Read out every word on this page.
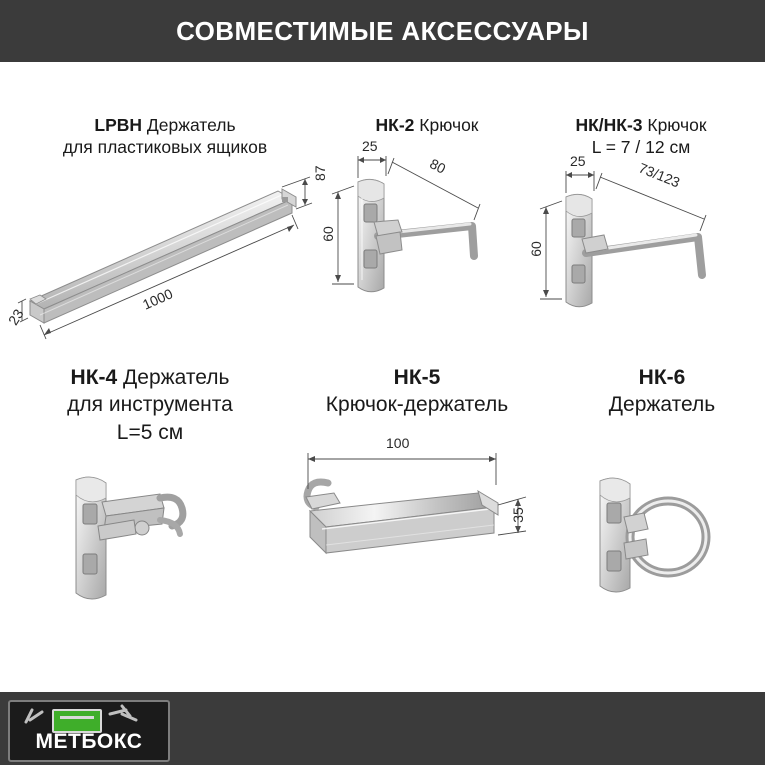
СОВМЕСТИМЫЕ АКСЕССУАРЫ
LPBH Держатель
для пластиковых ящиков
87
1000
23
НК-2 Крючок
25
80
60
НК/НК-3 Крючок
L = 7 / 12 см
25	73/123
60
НК-4 Держатель
для инструмента
L=5 см
НК-5
Крючок-держатель
100
35
НК-6
Держатель
МЕТБОКС
